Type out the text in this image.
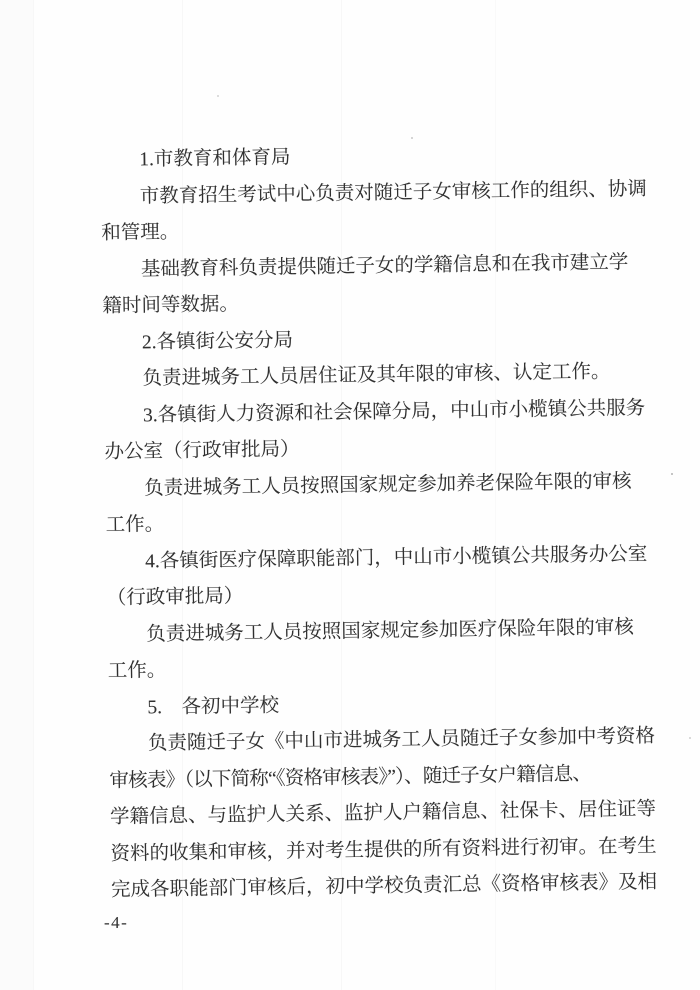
1.市教育和体育局
市教育招生考试中心负责对随迁子女审核工作的组织、协调
和管理。
基础教育科负责提供随迁子女的学籍信息和在我市建立学
籍时间等数据。
2.各镇街公安分局
负责进城务工人员居住证及其年限的审核、认定工作。
3.各镇街人力资源和社会保障分局，中山市小榄镇公共服务
办公室（行政审批局）
负责进城务工人员按照国家规定参加养老保险年限的审核
工作。
4.各镇街医疗保障职能部门，中山市小榄镇公共服务办公室
（行政审批局）
负责进城务工人员按照国家规定参加医疗保险年限的审核
工作。
5.　各初中学校
负责随迁子女《中山市进城务工人员随迁子女参加中考资格
审核表》（以下简称“《资格审核表》”）、随迁子女户籍信息、
学籍信息、与监护人关系、监护人户籍信息、社保卡、居住证等
资料的收集和审核，并对考生提供的所有资料进行初审。在考生
完成各职能部门审核后，初中学校负责汇总《资格审核表》及相
-4-
